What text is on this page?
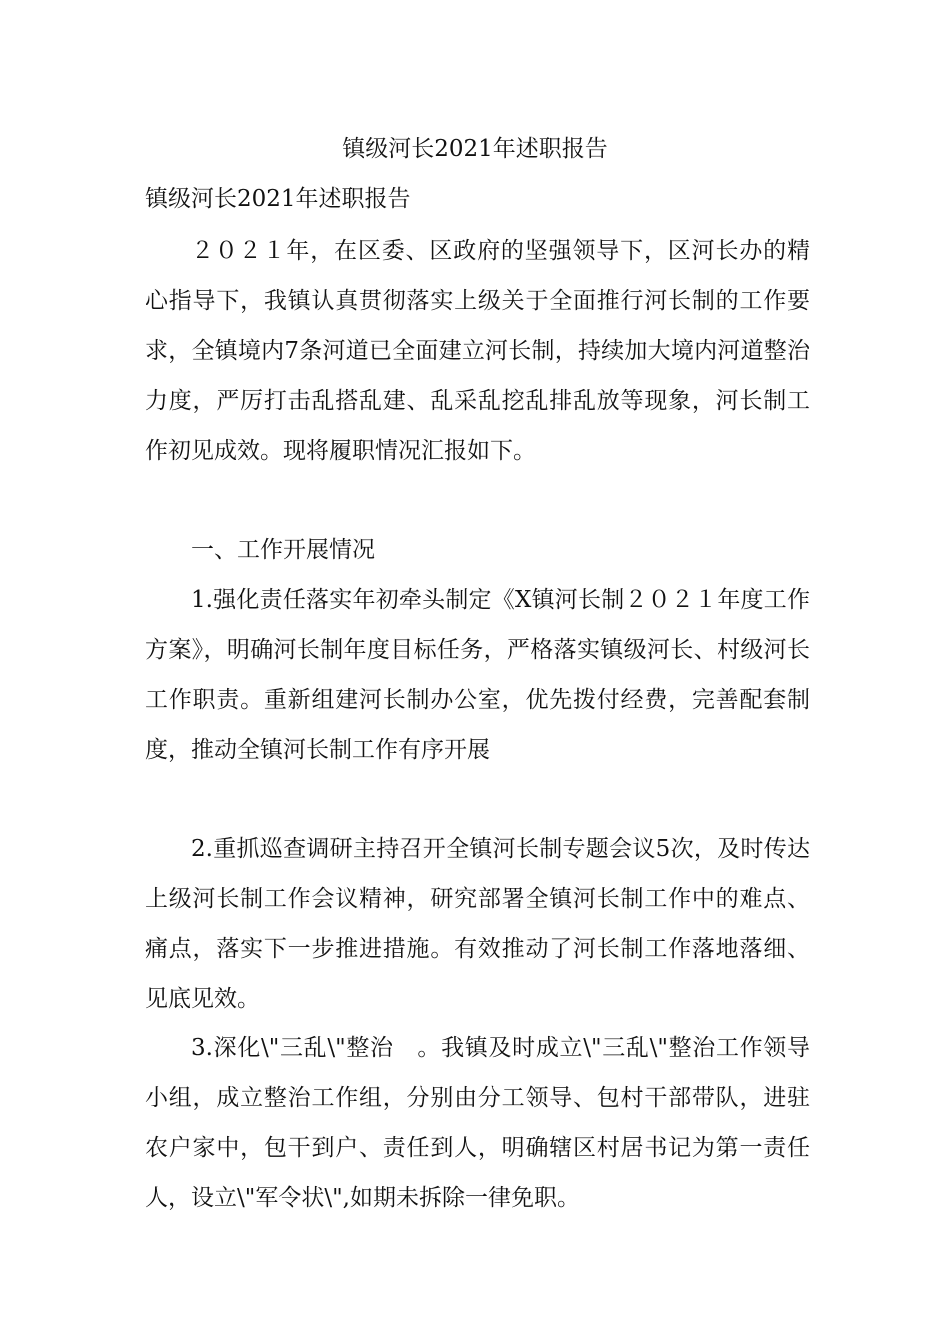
镇级河长2021年述职报告
镇级河长2021年述职报告

２０２１年，在区委、区政府的坚强领导下，区河长办的精心指导下，我镇认真贯彻落实上级关于全面推行河长制的工作要求，全镇境内7条河道已全面建立河长制，持续加大境内河道整治力度，严厉打击乱搭乱建、乱采乱挖乱排乱放等现象，河长制工作初见成效。现将履职情况汇报如下。

一、工作开展情况

1.强化责任落实年初牵头制定《X镇河长制２０２１年度工作方案》，明确河长制年度目标任务，严格落实镇级河长、村级河长工作职责。重新组建河长制办公室，优先拨付经费，完善配套制度，推动全镇河长制工作有序开展

2.重抓巡查调研主持召开全镇河长制专题会议5次，及时传达上级河长制工作会议精神，研究部署全镇河长制工作中的难点、痛点，落实下一步推进措施。有效推动了河长制工作落地落细、见底见效。

3.深化\"三乱\"整治　。我镇及时成立\"三乱\"整治工作领导小组，成立整治工作组，分别由分工领导、包村干部带队，进驻农户家中，包干到户、责任到人，明确辖区村居书记为第一责任人，设立\"军令状\",如期未拆除一律免职。
